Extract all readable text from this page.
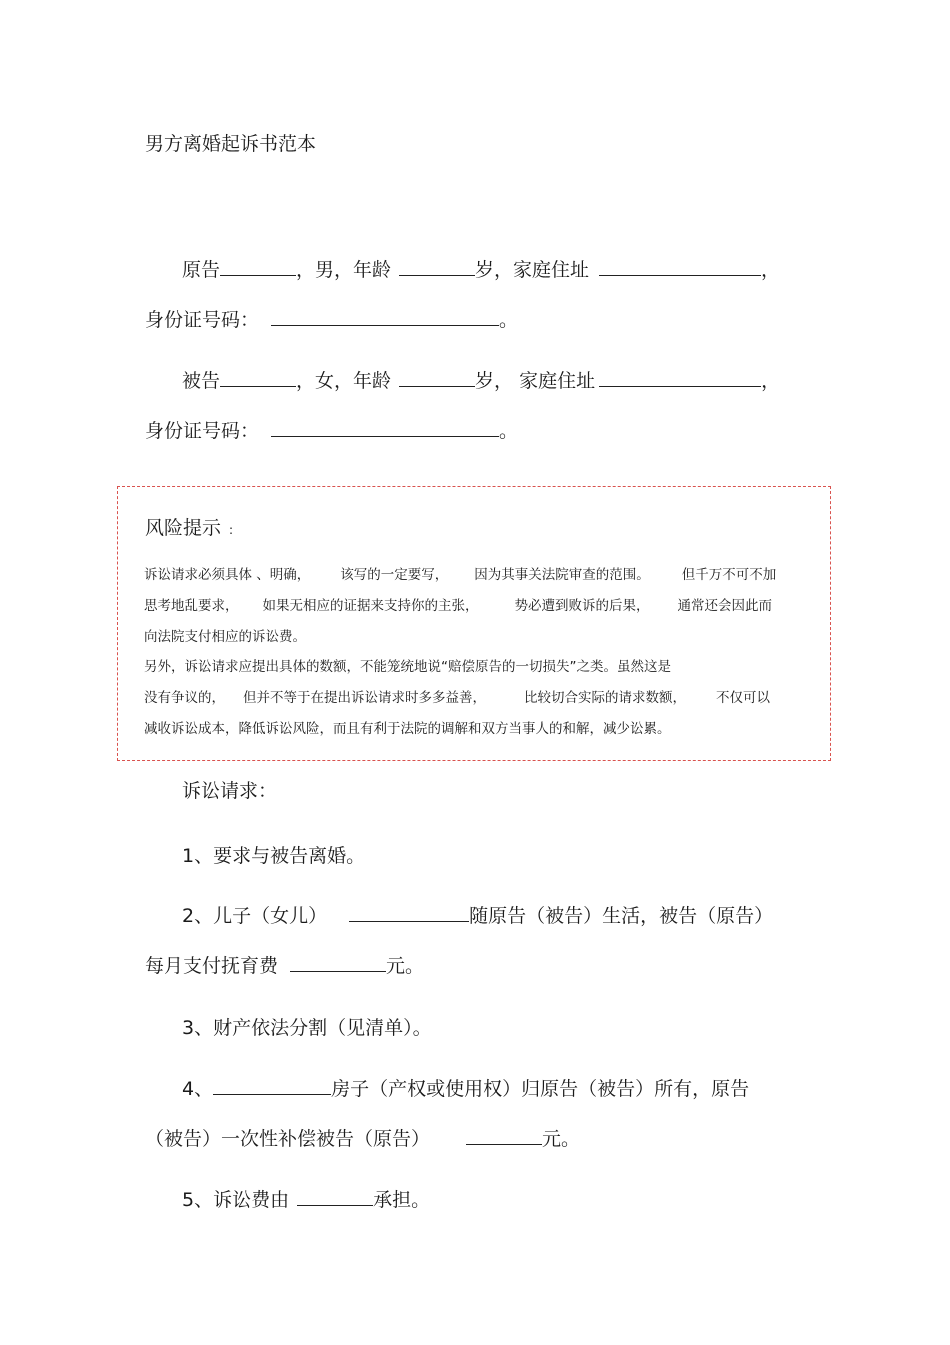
男方离婚起诉书范本
原告	，男，年龄	岁，家庭住址	，
身份证号码：	。
被告	，女，年龄	岁， 家庭住址	，
身份证号码：	。
风险提示 :
诉讼请求必须具体 、明确， 该写的一定要写， 因为其事关法院审查的范围。 但千万不可不加
思考地乱要求， 如果无相应的证据来支持你的主张，	势必遭到败诉的后果， 通常还会因此而
向法院支付相应的诉讼费。
另外，诉讼请求应提出具体的数额，不能笼统地说“赔偿原告的一切损失”之类。虽然这是
没有争议的， 但并不等于在提出诉讼请求时多多益善，	比较切合实际的请求数额， 不仅可以
减收诉讼成本，降低诉讼风险，而且有利于法院的调解和双方当事人的和解，减少讼累。
诉讼请求：
1、要求与被告离婚。
2、儿子（女儿）	随原告（被告）生活，被告（原告）
每月支付抚育费	元。
3、财产依法分割（见清单）。
4、	房子（产权或使用权）归原告（被告）所有，原告
（被告）一次性补偿被告（原告）	元。
5、诉讼费由	承担。
